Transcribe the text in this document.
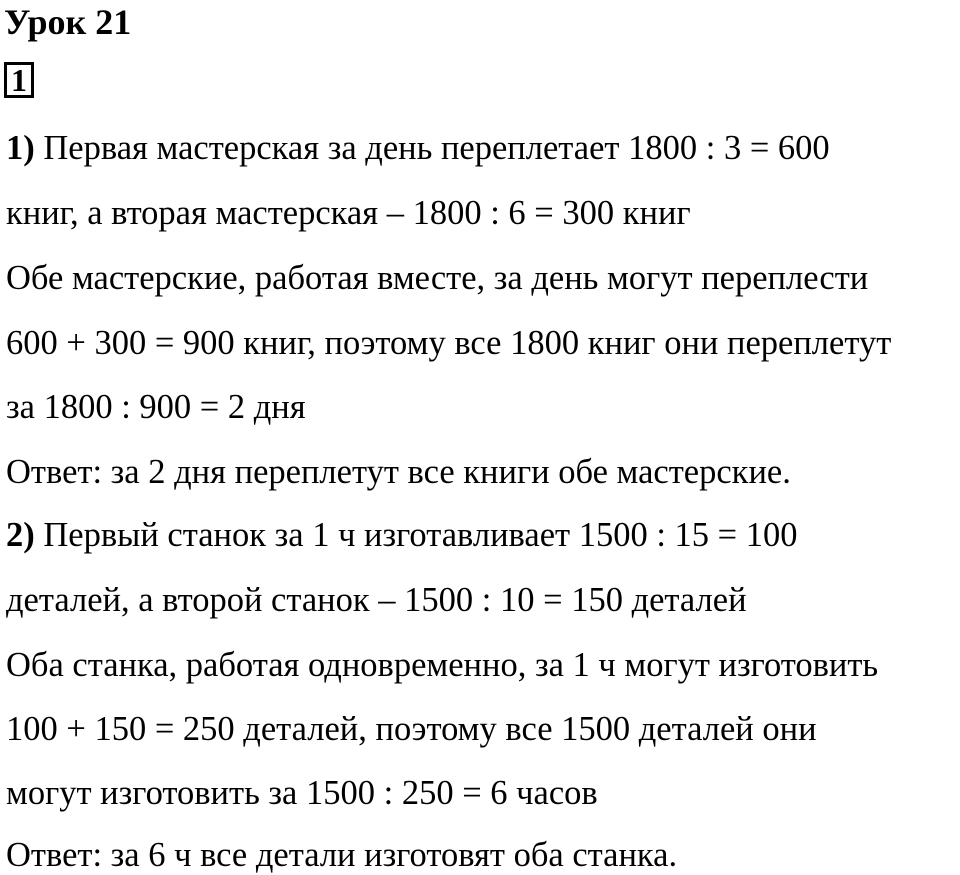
Урок 21
1
1) Первая мастерская за день переплетает 1800 : 3 = 600
книг, а вторая мастерская – 1800 : 6 = 300 книг
Обе мастерские, работая вместе, за день могут переплести
600 + 300 = 900 книг, поэтому все 1800 книг они переплетут
за 1800 : 900 = 2 дня
Ответ: за 2 дня переплетут все книги обе мастерские.
2) Первый станок за 1 ч изготавливает 1500 : 15 = 100
деталей, а второй станок – 1500 : 10 = 150 деталей
Оба станка, работая одновременно, за 1 ч могут изготовить
100 + 150 = 250 деталей, поэтому все 1500 деталей они
могут изготовить за 1500 : 250 = 6 часов
Ответ: за 6 ч все детали изготовят оба станка.
